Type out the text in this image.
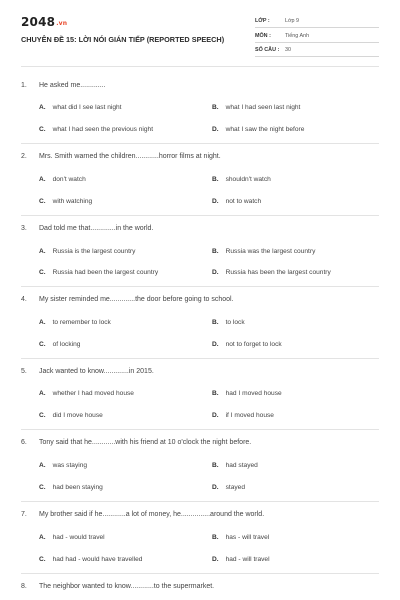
2048.vn
CHUYÊN ĐỀ 15: LỜI NÓI GIÁN TIẾP (REPORTED SPEECH)
LỚP :	Lớp 9
MÔN :	Tiếng Anh
SỐ CÂU : 30
1. He asked me.............
A. what did I see last night	B. what I had seen last night
C. what I had seen the previous night	D. what I saw the night before
2. Mrs. Smith warned the children............horror films at night.
A. don't watch	B. shouldn't watch
C. with watching	D. not to watch
3. Dad told me that.............in the world.
A. Russia is the largest country	B. Russia was the largest country
C. Russia had been the largest country	D. Russia has been the largest country
4. My sister reminded me.............the door before going to school.
A. to remember to lock	B. to lock
C. of locking	D. not to forget to lock
5. Jack wanted to know.............in 2015.
A. whether I had moved house	B. had I moved house
C. did I move house	D. if I moved house
6. Tony said that he............with his friend at 10 o'clock the night before.
A. was staying	B. had stayed
C. had been staying	D. stayed
7. My brother said if he............a lot of money, he...............around the world.
A. had - would travel	B. has - will travel
C. had had - would have travelled	D. had - will travel
8. The neighbor wanted to know............to the supermarket.
